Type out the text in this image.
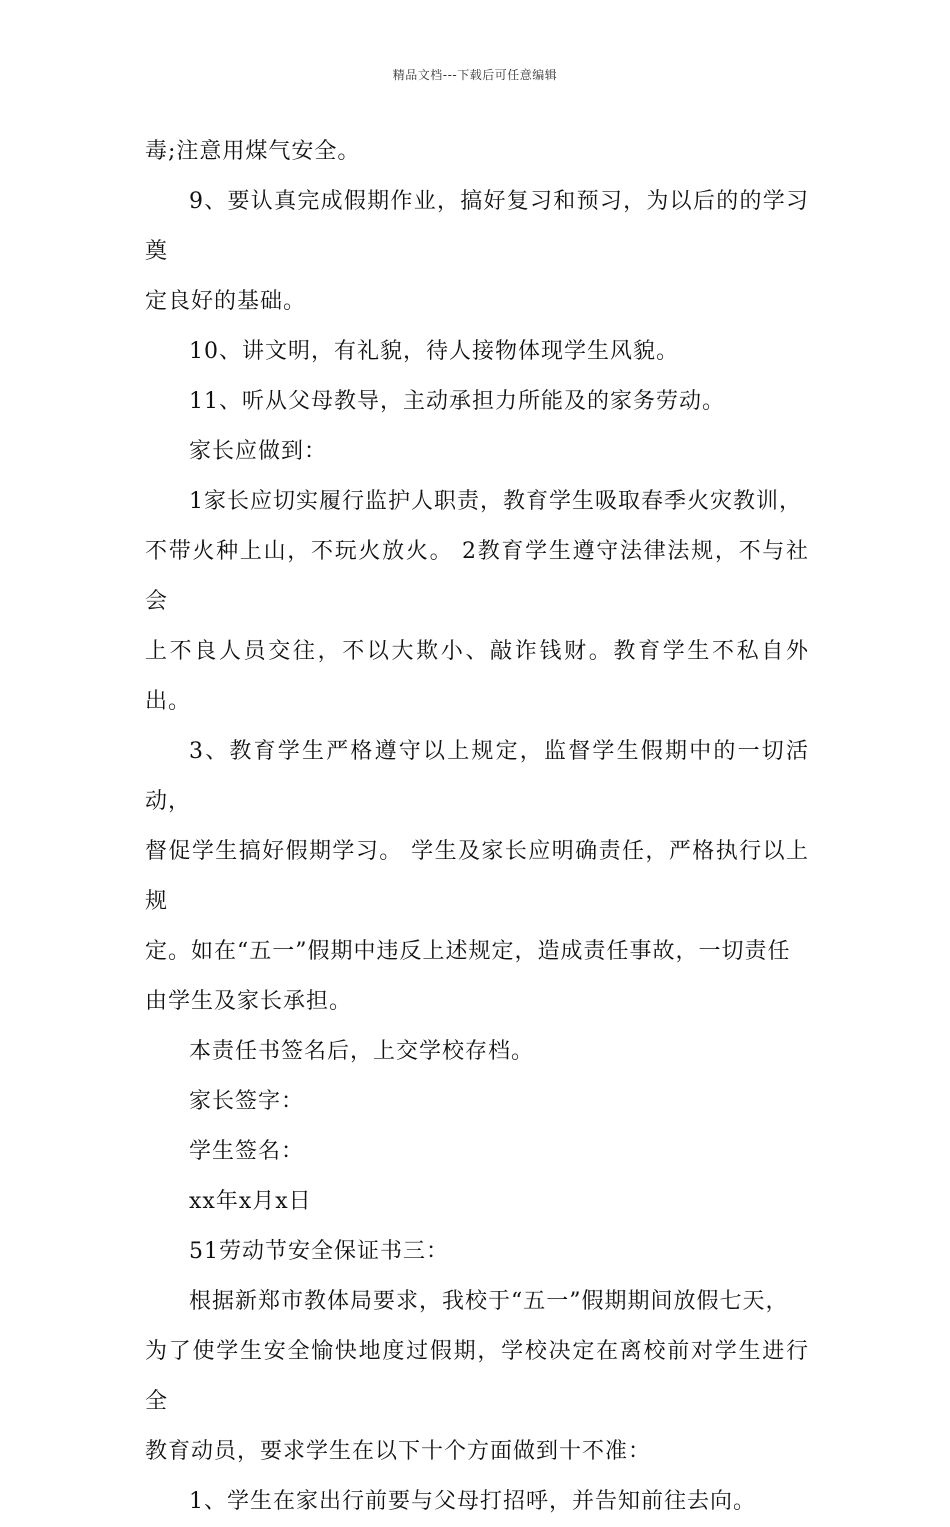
精品文档---下载后可任意编辑
毒;注意用煤气安全。
9、要认真完成假期作业，搞好复习和预习，为以后的的学习奠
定良好的基础。
10、讲文明，有礼貌，待人接物体现学生风貌。
11、听从父母教导，主动承担力所能及的家务劳动。
家长应做到：
1家长应切实履行监护人职责，教育学生吸取春季火灾教训，
不带火种上山，不玩火放火。 2教育学生遵守法律法规，不与社会
上不良人员交往，不以大欺小、敲诈钱财。教育学生不私自外出。
3、教育学生严格遵守以上规定，监督学生假期中的一切活动，
督促学生搞好假期学习。 学生及家长应明确责任，严格执行以上规
定。如在“五一”假期中违反上述规定，造成责任事故，一切责任
由学生及家长承担。
本责任书签名后，上交学校存档。
家长签字：
学生签名：
xx年x月x日
51劳动节安全保证书三：
根据新郑市教体局要求，我校于“五一”假期期间放假七天，
为了使学生安全愉快地度过假期，学校决定在离校前对学生进行全
教育动员，要求学生在以下十个方面做到十不准：
1、学生在家出行前要与父母打招呼，并告知前往去向。
